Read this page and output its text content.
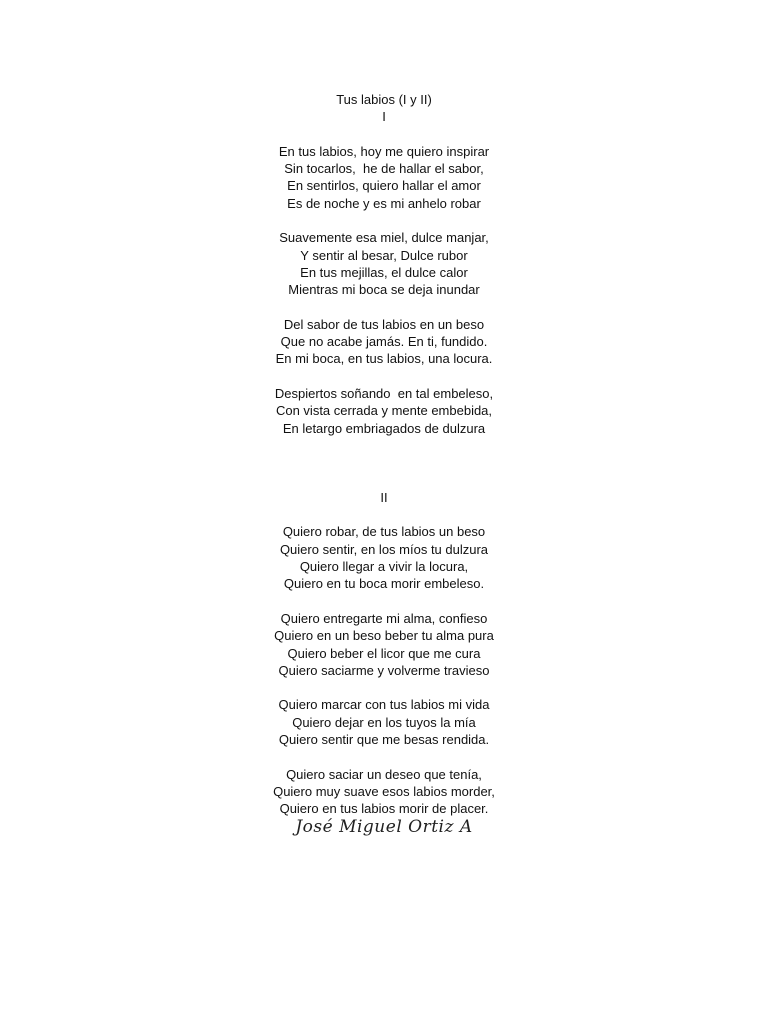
Tus labios (I y II)
I
En tus labios, hoy me quiero inspirar
Sin tocarlos,  he de hallar el sabor,
En sentirlos, quiero hallar el amor
Es de noche y es mi anhelo robar
Suavemente esa miel, dulce manjar,
Y sentir al besar, Dulce rubor
En tus mejillas, el dulce calor
Mientras mi boca se deja inundar
Del sabor de tus labios en un beso
Que no acabe jamás. En ti, fundido.
En mi boca, en tus labios, una locura.
Despiertos soñando  en tal embeleso,
Con vista cerrada y mente embebida,
En letargo embriagados de dulzura
II
Quiero robar, de tus labios un beso
Quiero sentir, en los míos tu dulzura
Quiero llegar a vivir la locura,
Quiero en tu boca morir embeleso.
Quiero entregarte mi alma, confieso
Quiero en un beso beber tu alma pura
Quiero beber el licor que me cura
Quiero saciarme y volverme travieso
Quiero marcar con tus labios mi vida
Quiero dejar en los tuyos la mía
Quiero sentir que me besas rendida.
Quiero saciar un deseo que tenía,
Quiero muy suave esos labios morder,
Quiero en tus labios morir de placer.
José Miguel Ortiz A
